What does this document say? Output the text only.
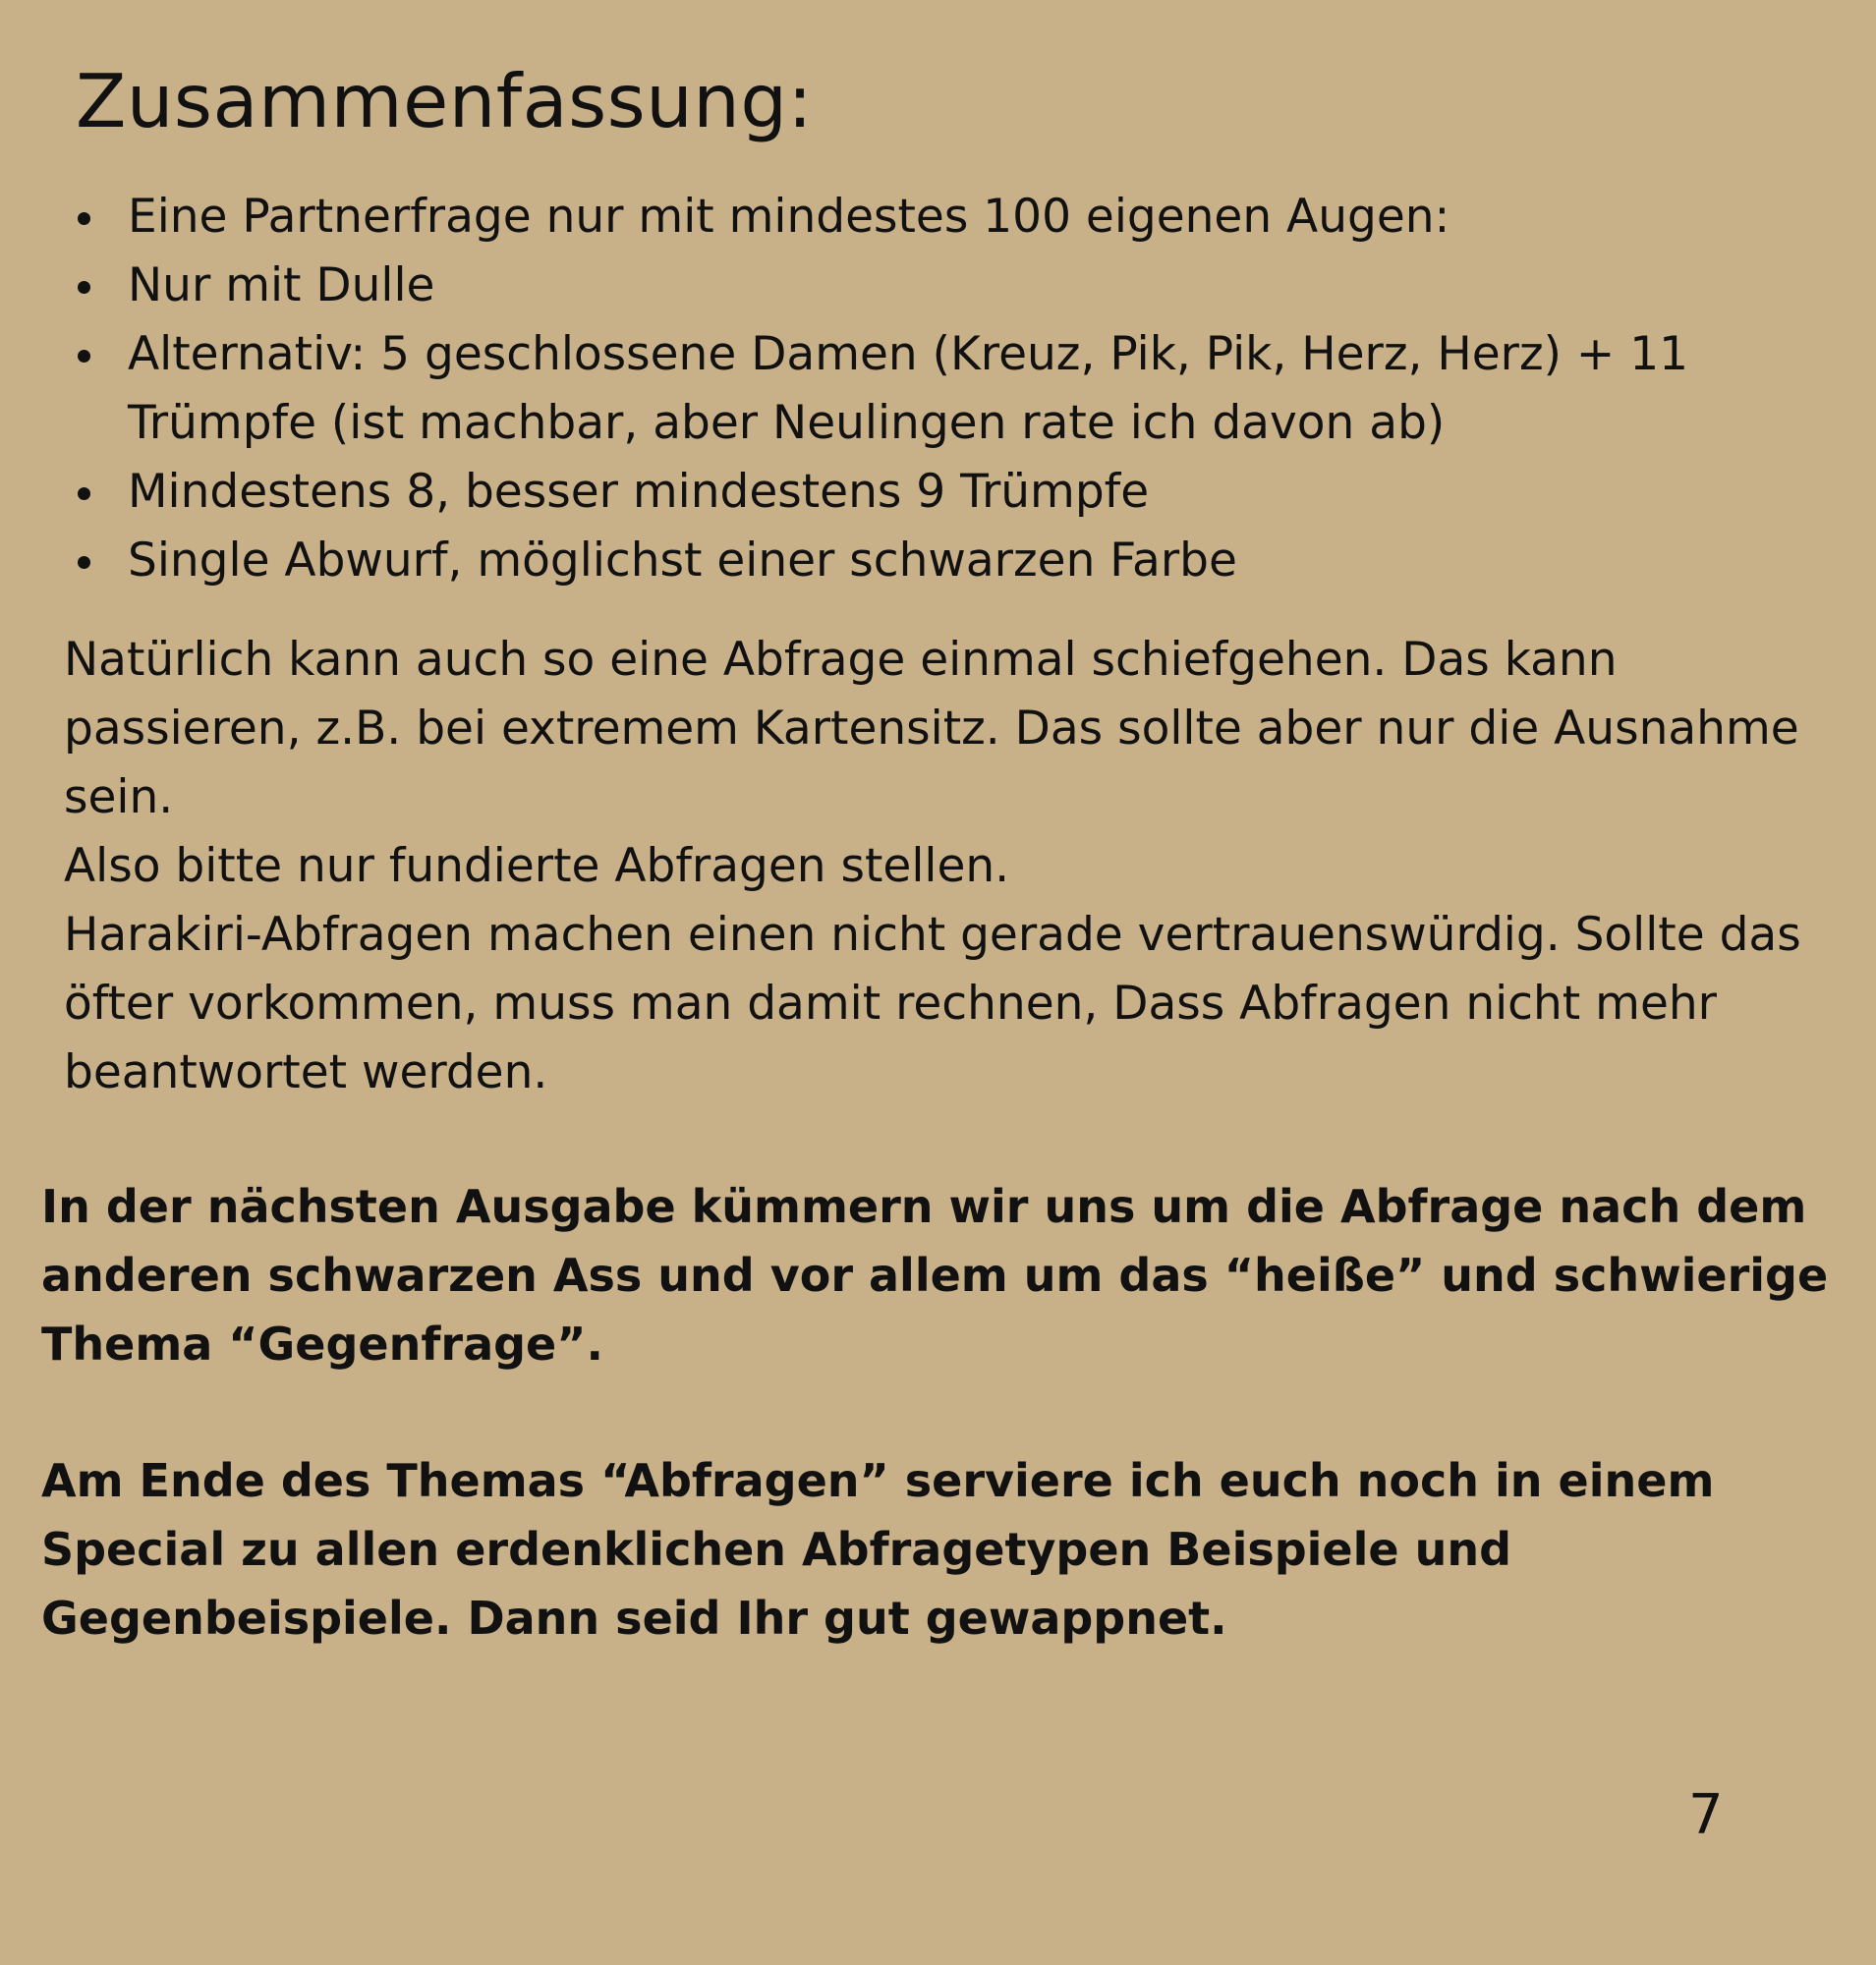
Zusammenfassung:
Eine Partnerfrage nur mit mindestes 100 eigenen Augen:
Nur mit Dulle
Alternativ: 5 geschlossene Damen (Kreuz, Pik, Pik, Herz, Herz) + 11 Trümpfe (ist machbar, aber Neulingen rate ich davon ab)
Mindestens 8, besser mindestens 9 Trümpfe
Single Abwurf, möglichst einer schwarzen Farbe

Natürlich kann auch so eine Abfrage einmal schiefgehen. Das kann passieren, z.B. bei extremem Kartensitz. Das sollte aber nur die Ausnahme sein.

Also bitte nur fundierte Abfragen stellen.

Harakiri-Abfragen machen einen nicht gerade vertrauenswürdig. Sollte das öfter vorkommen, muss man damit rechnen, Dass Abfragen nicht mehr beantwortet werden.

In der nächsten Ausgabe kümmern wir uns um die Abfrage nach dem anderen schwarzen Ass und vor allem um das “heiße” und schwierige Thema “Gegenfrage”.

Am Ende des Themas “Abfragen” serviere ich euch noch in einem Special zu allen erdenklichen Abfragetypen Beispiele und Gegenbeispiele. Dann seid Ihr gut gewappnet.

7
